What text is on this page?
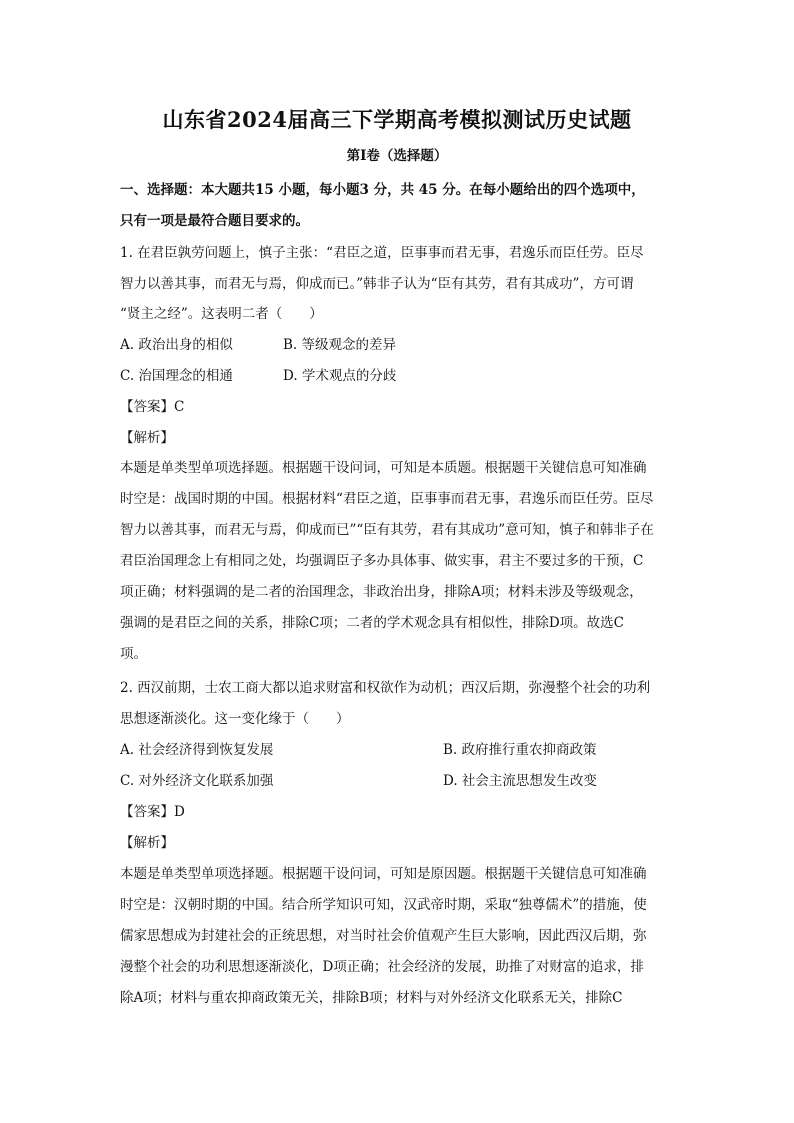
山东省2024届高三下学期高考模拟测试历史试题
第Ⅰ卷（选择题）
一、选择题：本大题共15 小题，每小题3 分，共 45 分。在每小题给出的四个选项中，
只有一项是最符合题目要求的。
1. 在君臣孰劳问题上，慎子主张：“君臣之道，臣事事而君无事，君逸乐而臣任劳。臣尽
智力以善其事，而君无与焉，仰成而已。”韩非子认为“臣有其劳，君有其成功”，方可谓
“贤主之经”。这表明二者（　　）
A. 政治出身的相似	B. 等级观念的差异
C. 治国理念的相通	D. 学术观点的分歧
【答案】C
【解析】
本题是单类型单项选择题。根据题干设问词，可知是本质题。根据题干关键信息可知准确
时空是：战国时期的中国。根据材料“君臣之道，臣事事而君无事，君逸乐而臣任劳。臣尽
智力以善其事，而君无与焉，仰成而已”“臣有其劳，君有其成功”意可知，慎子和韩非子在
君臣治国理念上有相同之处，均强调臣子多办具体事、做实事，君主不要过多的干预，C
项正确；材料强调的是二者的治国理念，非政治出身，排除A项；材料未涉及等级观念，
强调的是君臣之间的关系，排除C项；二者的学术观念具有相似性，排除D项。故选C
项。
2. 西汉前期，士农工商大都以追求财富和权欲作为动机；西汉后期，弥漫整个社会的功利
思想逐渐淡化。这一变化缘于（　　）
A. 社会经济得到恢复发展	B. 政府推行重农抑商政策
C. 对外经济文化联系加强	D. 社会主流思想发生改变
【答案】D
【解析】
本题是单类型单项选择题。根据题干设问词，可知是原因题。根据题干关键信息可知准确
时空是：汉朝时期的中国。结合所学知识可知，汉武帝时期，采取“独尊儒术”的措施，使
儒家思想成为封建社会的正统思想，对当时社会价值观产生巨大影响，因此西汉后期，弥
漫整个社会的功利思想逐渐淡化，D项正确；社会经济的发展，助推了对财富的追求，排
除A项；材料与重农抑商政策无关，排除B项；材料与对外经济文化联系无关，排除C
